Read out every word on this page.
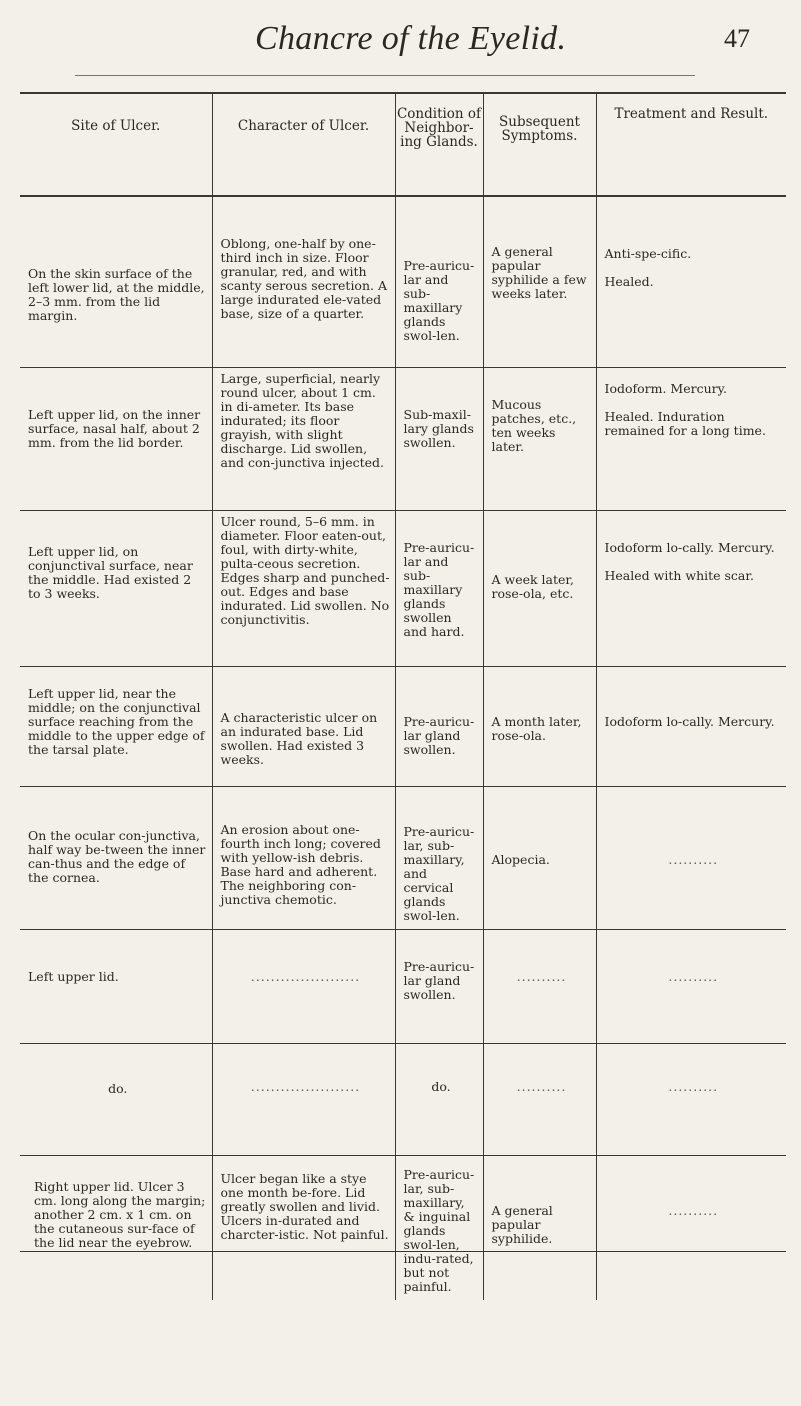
Chancre of the Eyelid.	47
Site of Ulcer.	Character of Ulcer.	Condition of Neighbor-ing Glands.	Subsequent Symptoms.	Treatment and Result.

On the skin surface of the left lower lid, at the middle, 2–3 mm. from the lid margin.	Oblong, one-half by one-third inch in size. Floor granular, red, and with scanty serous secretion. A large indurated ele-vated base, size of a quarter.	Pre-auricu-lar and sub-maxillary glands swol-len.	A general papular syphilide a few weeks later.	Anti-spe-cific.
Healed.

Left upper lid, on the inner surface, nasal half, about 2 mm. from the lid border.	Large, superficial, nearly round ulcer, about 1 cm. in di-ameter. Its base indurated; its floor grayish, with slight discharge. Lid swollen, and con-junctiva injected.	Sub-maxil-lary glands swollen.	Mucous patches, etc., ten weeks later.	Iodoform. Mercury.
Healed. Induration remained for a long time.

Left upper lid, on conjunctival surface, near the middle. Had existed 2 to 3 weeks.	Ulcer round, 5–6 mm. in diameter. Floor eaten-out, foul, with dirty-white, pulta-ceous secretion. Edges sharp and punched-out. Edges and base indurated. Lid swollen. No conjunctivitis.	Pre-auricu-lar and sub-maxillary glands swollen and hard.	A week later, rose-ola, etc.	Iodoform lo-cally. Mercury.
Healed with white scar.

Left upper lid, near the middle; on the conjunctival surface reaching from the middle to the upper edge of the tarsal plate.	A characteristic ulcer on an indurated base. Lid swollen. Had existed 3 weeks.	Pre-auricu-lar gland swollen.	A month later, rose-ola.	Iodoform lo-cally. Mercury.

On the ocular con-junctiva, half way be-tween the inner can-thus and the edge of the cornea.	An erosion about one-fourth inch long; covered with yellow-ish debris. Base hard and adherent. The neighboring con-junctiva chemotic.	Pre-auricu-lar, sub-maxillary, and cervical glands swol-len.	Alopecia.	..........

Left upper lid.	......................	Pre-auricu-lar gland swollen.	..........	..........

do.	......................	do.	..........	..........

Right upper lid. Ulcer 3 cm. long along the margin; another 2 cm. x 1 cm. on the cutaneous sur-face of the lid near the eyebrow.	Ulcer began like a stye one month be-fore. Lid greatly swollen and livid. Ulcers in-durated and charcter-istic. Not painful.	Pre-auricu-lar, sub-maxillary, & inguinal glands swol-len, indu-rated, but not painful.	A general papular syphilide.	..........
